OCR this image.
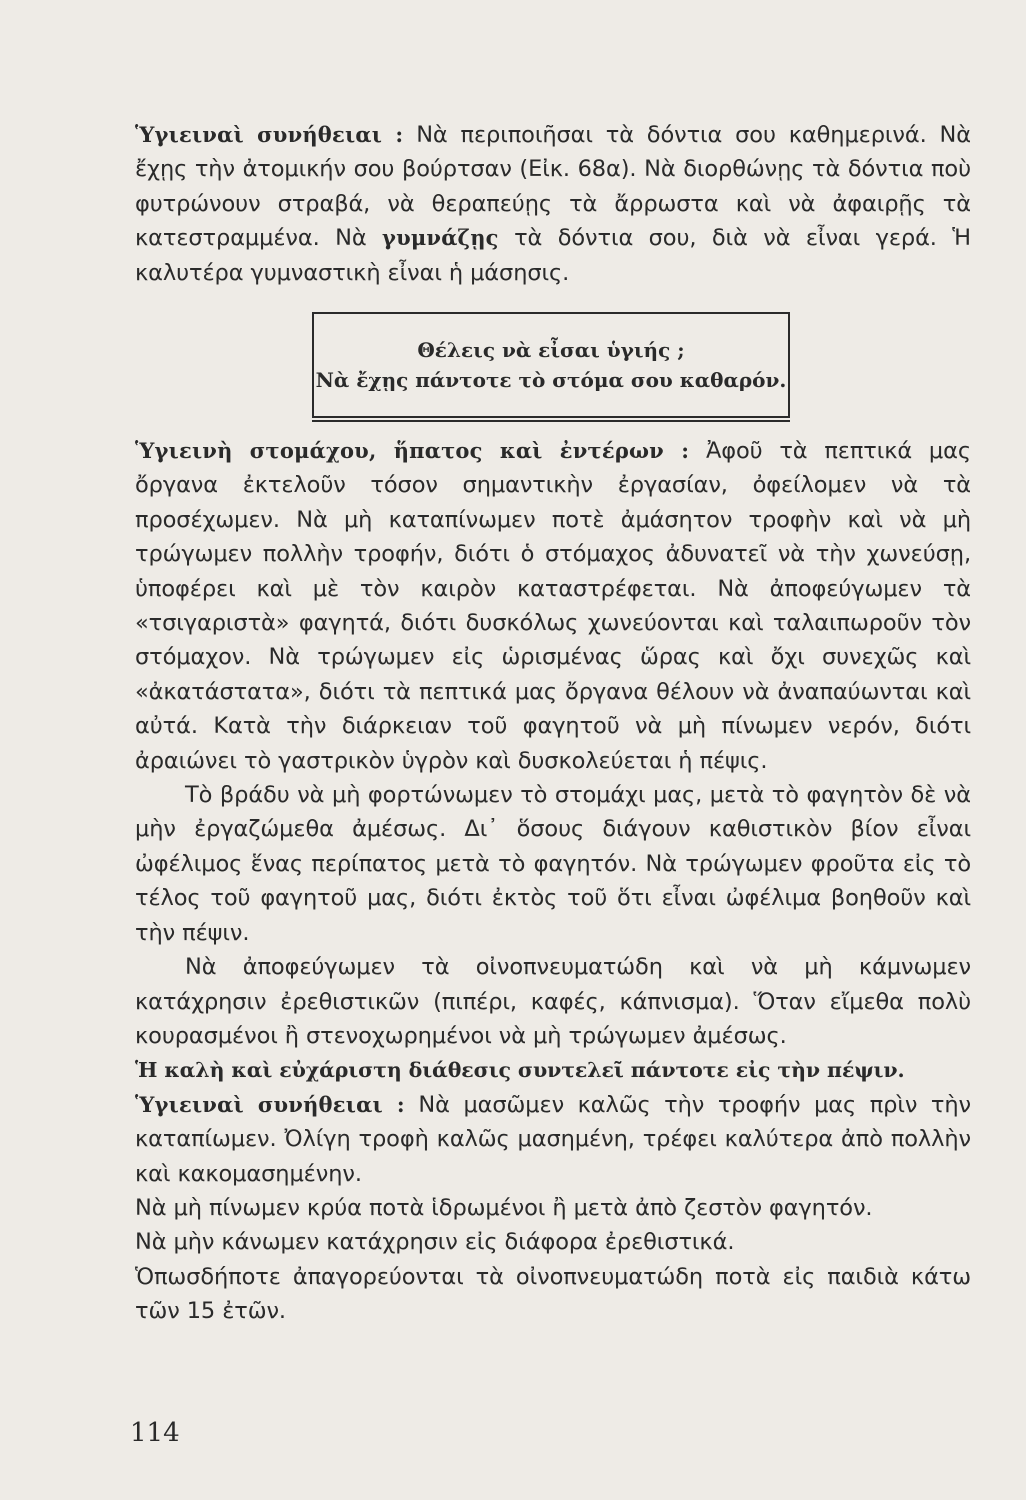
Ὑγιειναὶ συνήθειαι : Νὰ περιποιῆσαι τὰ δόντια σου καθημερινά. Νὰ ἔχῃς τὴν ἀτομικήν σου βούρτσαν (Εἰκ. 68α). Νὰ διορθώνῃς τὰ δόντια ποὺ φυτρώνουν στραβά, νὰ θεραπεύῃς τὰ ἄρρωστα καὶ νὰ ἀφαιρῇς τὰ κατεστραμμένα. Νὰ γυμνάζῃς τὰ δόντια σου, διὰ νὰ εἶναι γερά. Ἡ καλυτέρα γυμναστικὴ εἶναι ἡ μάσησις.

Θέλεις νὰ εἶσαι ὑγιής ;
Νὰ ἔχῃς πάντοτε τὸ στόμα σου καθαρόν.

Ὑγιεινὴ στομάχου, ἥπατος καὶ ἐντέρων : Ἀφοῦ τὰ πεπτικά μας ὄργανα ἐκτελοῦν τόσον σημαντικὴν ἐργασίαν, ὀφείλομεν νὰ τὰ προσέχωμεν. Νὰ μὴ καταπίνωμεν ποτὲ ἀμάσητον τροφὴν καὶ νὰ μὴ τρώγωμεν πολλὴν τροφήν, διότι ὁ στόμαχος ἀδυνατεῖ νὰ τὴν χωνεύσῃ, ὑποφέρει καὶ μὲ τὸν καιρὸν καταστρέφεται. Νὰ ἀποφεύγωμεν τὰ «τσιγαριστὰ» φαγητά, διότι δυσκόλως χωνεύονται καὶ ταλαιπωροῦν τὸν στόμαχον. Νὰ τρώγωμεν εἰς ὡρισμένας ὥρας καὶ ὄχι συνεχῶς καὶ «ἀκατάστατα», διότι τὰ πεπτικά μας ὄργανα θέλουν νὰ ἀναπαύωνται καὶ αὐτά. Κατὰ τὴν διάρκειαν τοῦ φαγητοῦ νὰ μὴ πίνωμεν νερόν, διότι ἀραιώνει τὸ γαστρικὸν ὑγρὸν καὶ δυσκολεύεται ἡ πέψις.

Τὸ βράδυ νὰ μὴ φορτώνωμεν τὸ στομάχι μας, μετὰ τὸ φαγητὸν δὲ νὰ μὴν ἐργαζώμεθα ἀμέσως. Δι᾿ ὅσους διάγουν καθιστικὸν βίον εἶναι ὠφέλιμος ἕνας περίπατος μετὰ τὸ φαγητόν. Νὰ τρώγωμεν φροῦτα εἰς τὸ τέλος τοῦ φαγητοῦ μας, διότι ἐκτὸς τοῦ ὅτι εἶναι ὠφέλιμα βοηθοῦν καὶ τὴν πέψιν.

Νὰ ἀποφεύγωμεν τὰ οἰνοπνευματώδη καὶ νὰ μὴ κάμνωμεν κατάχρησιν ἐρεθιστικῶν (πιπέρι, καφές, κάπνισμα). Ὅταν εἴμεθα πολὺ κουρασμένοι ἢ στενοχωρημένοι νὰ μὴ τρώγωμεν ἀμέσως.

Ἡ καλὴ καὶ εὐχάριστη διάθεσις συντελεῖ πάντοτε εἰς τὴν πέψιν.

Ὑγιειναὶ συνήθειαι : Νὰ μασῶμεν καλῶς τὴν τροφήν μας πρὶν τὴν καταπίωμεν. Ὀλίγη τροφὴ καλῶς μασημένη, τρέφει καλύτερα ἀπὸ πολλὴν καὶ κακομασημένην.

Νὰ μὴ πίνωμεν κρύα ποτὰ ἱδρωμένοι ἢ μετὰ ἀπὸ ζεστὸν φαγητόν.

Νὰ μὴν κάνωμεν κατάχρησιν εἰς διάφορα ἐρεθιστικά.

Ὁπωσδήποτε ἀπαγορεύονται τὰ οἰνοπνευματώδη ποτὰ εἰς παιδιὰ κάτω τῶν 15 ἐτῶν.

114
